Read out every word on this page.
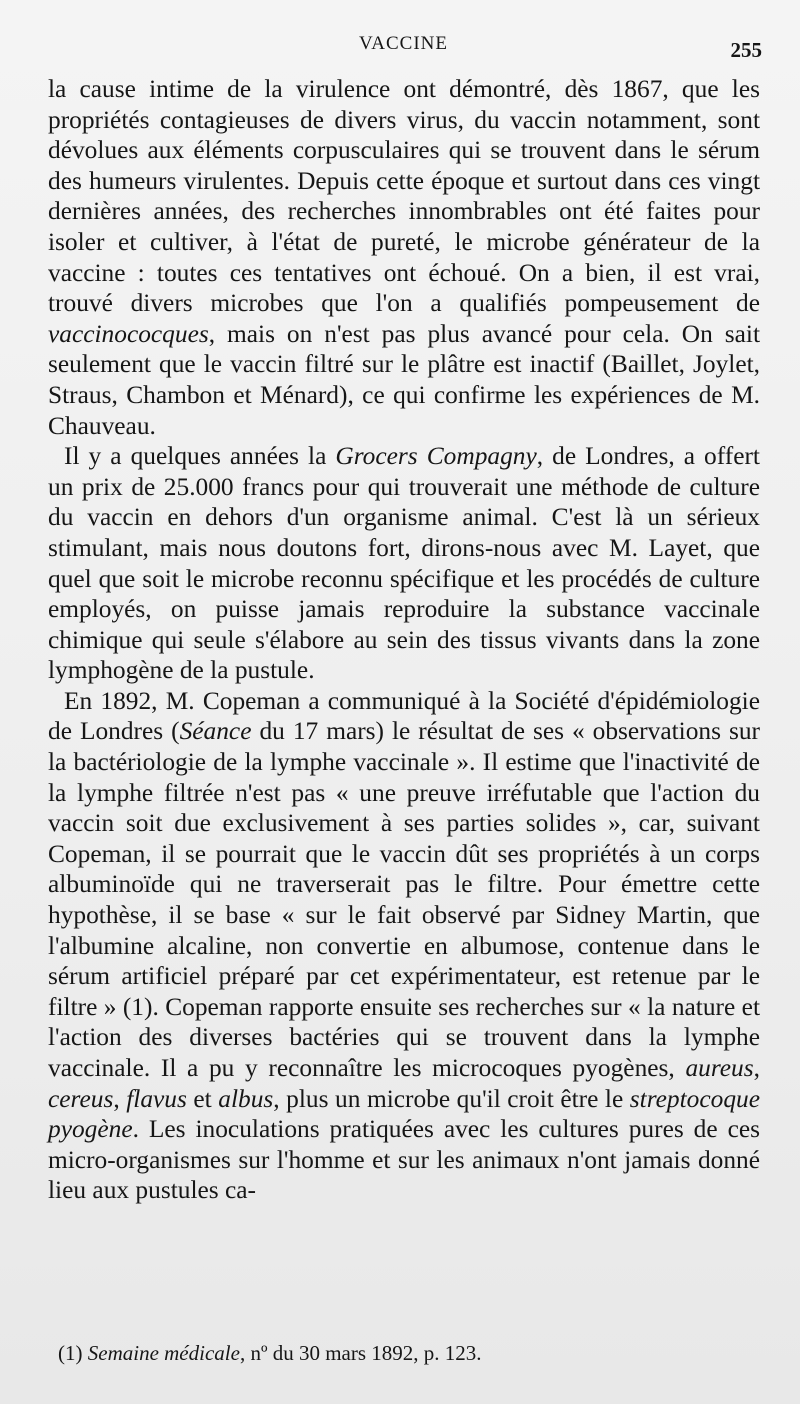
VACCINE	255

la cause intime de la virulence ont démontré, dès 1867, que les propriétés contagieuses de divers virus, du vaccin notamment, sont dévolues aux éléments corpusculaires qui se trouvent dans le sérum des humeurs virulentes. Depuis cette époque et surtout dans ces vingt dernières années, des recherches innombrables ont été faites pour isoler et cultiver, à l'état de pureté, le microbe générateur de la vaccine : toutes ces tentatives ont échoué. On a bien, il est vrai, trouvé divers microbes que l'on a qualifiés pompeusement de vaccinococques, mais on n'est pas plus avancé pour cela. On sait seulement que le vaccin filtré sur le plâtre est inactif (Baillet, Joylet, Straus, Chambon et Ménard), ce qui confirme les expériences de M. Chauveau.

Il y a quelques années la Grocers Compagny, de Londres, a offert un prix de 25.000 francs pour qui trouverait une méthode de culture du vaccin en dehors d'un organisme animal. C'est là un sérieux stimulant, mais nous doutons fort, dirons-nous avec M. Layet, que quel que soit le microbe reconnu spécifique et les procédés de culture employés, on puisse jamais reproduire la substance vaccinale chimique qui seule s'élabore au sein des tissus vivants dans la zone lymphogène de la pustule.

En 1892, M. Copeman a communiqué à la Société d'épidémiologie de Londres (Séance du 17 mars) le résultat de ses « observations sur la bactériologie de la lymphe vaccinale ». Il estime que l'inactivité de la lymphe filtrée n'est pas « une preuve irréfutable que l'action du vaccin soit due exclusivement à ses parties solides », car, suivant Copeman, il se pourrait que le vaccin dût ses propriétés à un corps albuminoïde qui ne traverserait pas le filtre. Pour émettre cette hypothèse, il se base « sur le fait observé par Sidney Martin, que l'albumine alcaline, non convertie en albumose, contenue dans le sérum artificiel préparé par cet expérimentateur, est retenue par le filtre » (1). Copeman rapporte ensuite ses recherches sur « la nature et l'action des diverses bactéries qui se trouvent dans la lymphe vaccinale. Il a pu y reconnaître les microcoques pyogènes, aureus, cereus, flavus et albus, plus un microbe qu'il croit être le streptocoque pyogène. Les inoculations pratiquées avec les cultures pures de ces micro-organismes sur l'homme et sur les animaux n'ont jamais donné lieu aux pustules ca-

(1) Semaine médicale, nº du 30 mars 1892, p. 123.
